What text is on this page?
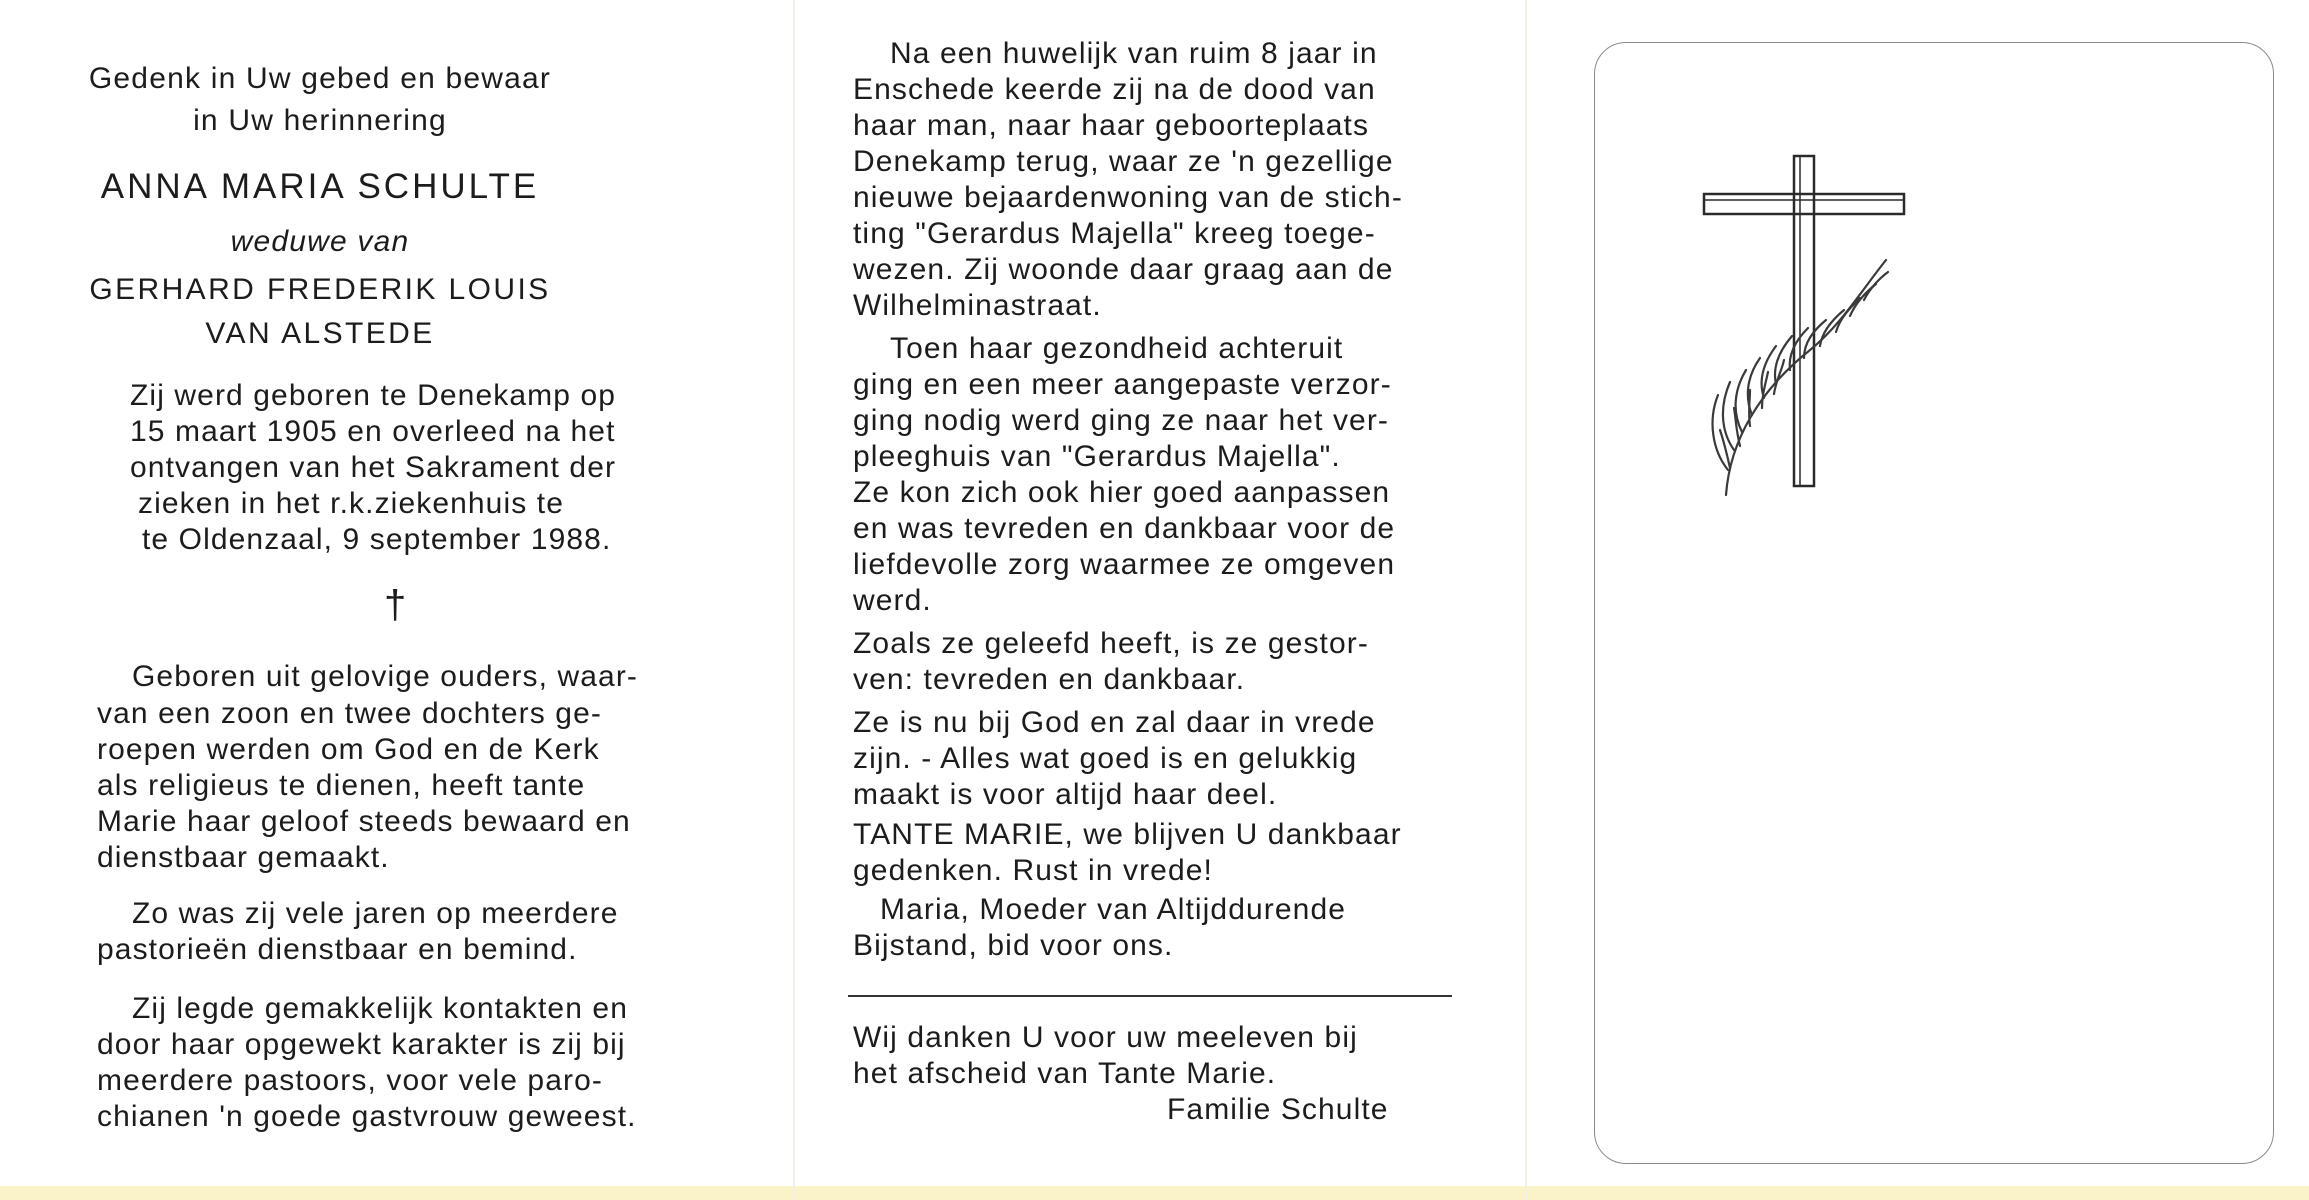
Gedenk in Uw gebed en bewaar
in Uw herinnering
ANNA MARIA SCHULTE
weduwe van
GERHARD FREDERIK LOUIS
VAN ALSTEDE
Zij werd geboren te Denekamp op
15 maart 1905 en overleed na het
ontvangen van het Sakrament der
zieken in het r.k.ziekenhuis te
te Oldenzaal, 9 september 1988.
†
Geboren uit gelovige ouders, waar-
van een zoon en twee dochters ge-
roepen werden om God en de Kerk
als religieus te dienen, heeft tante
Marie haar geloof steeds bewaard en
dienstbaar gemaakt.
Zo was zij vele jaren op meerdere
pastorieën dienstbaar en bemind.
Zij legde gemakkelijk kontakten en
door haar opgewekt karakter is zij bij
meerdere pastoors, voor vele paro-
chianen 'n goede gastvrouw geweest.
Na een huwelijk van ruim 8 jaar in
Enschede keerde zij na de dood van
haar man, naar haar geboorteplaats
Denekamp terug, waar ze 'n gezellige
nieuwe bejaardenwoning van de stich-
ting "Gerardus Majella" kreeg toege-
wezen. Zij woonde daar graag aan de
Wilhelminastraat.
Toen haar gezondheid achteruit
ging en een meer aangepaste verzor-
ging nodig werd ging ze naar het ver-
pleeghuis van "Gerardus Majella".
Ze kon zich ook hier goed aanpassen
en was tevreden en dankbaar voor de
liefdevolle zorg waarmee ze omgeven
werd.
Zoals ze geleefd heeft, is ze gestor-
ven: tevreden en dankbaar.
Ze is nu bij God en zal daar in vrede
zijn. - Alles wat goed is en gelukkig
maakt is voor altijd haar deel.
TANTE MARIE, we blijven U dankbaar
gedenken. Rust in vrede!
Maria, Moeder van Altijddurende
Bijstand, bid voor ons.
Wij danken U voor uw meeleven bij
het afscheid van Tante Marie.
Familie Schulte
